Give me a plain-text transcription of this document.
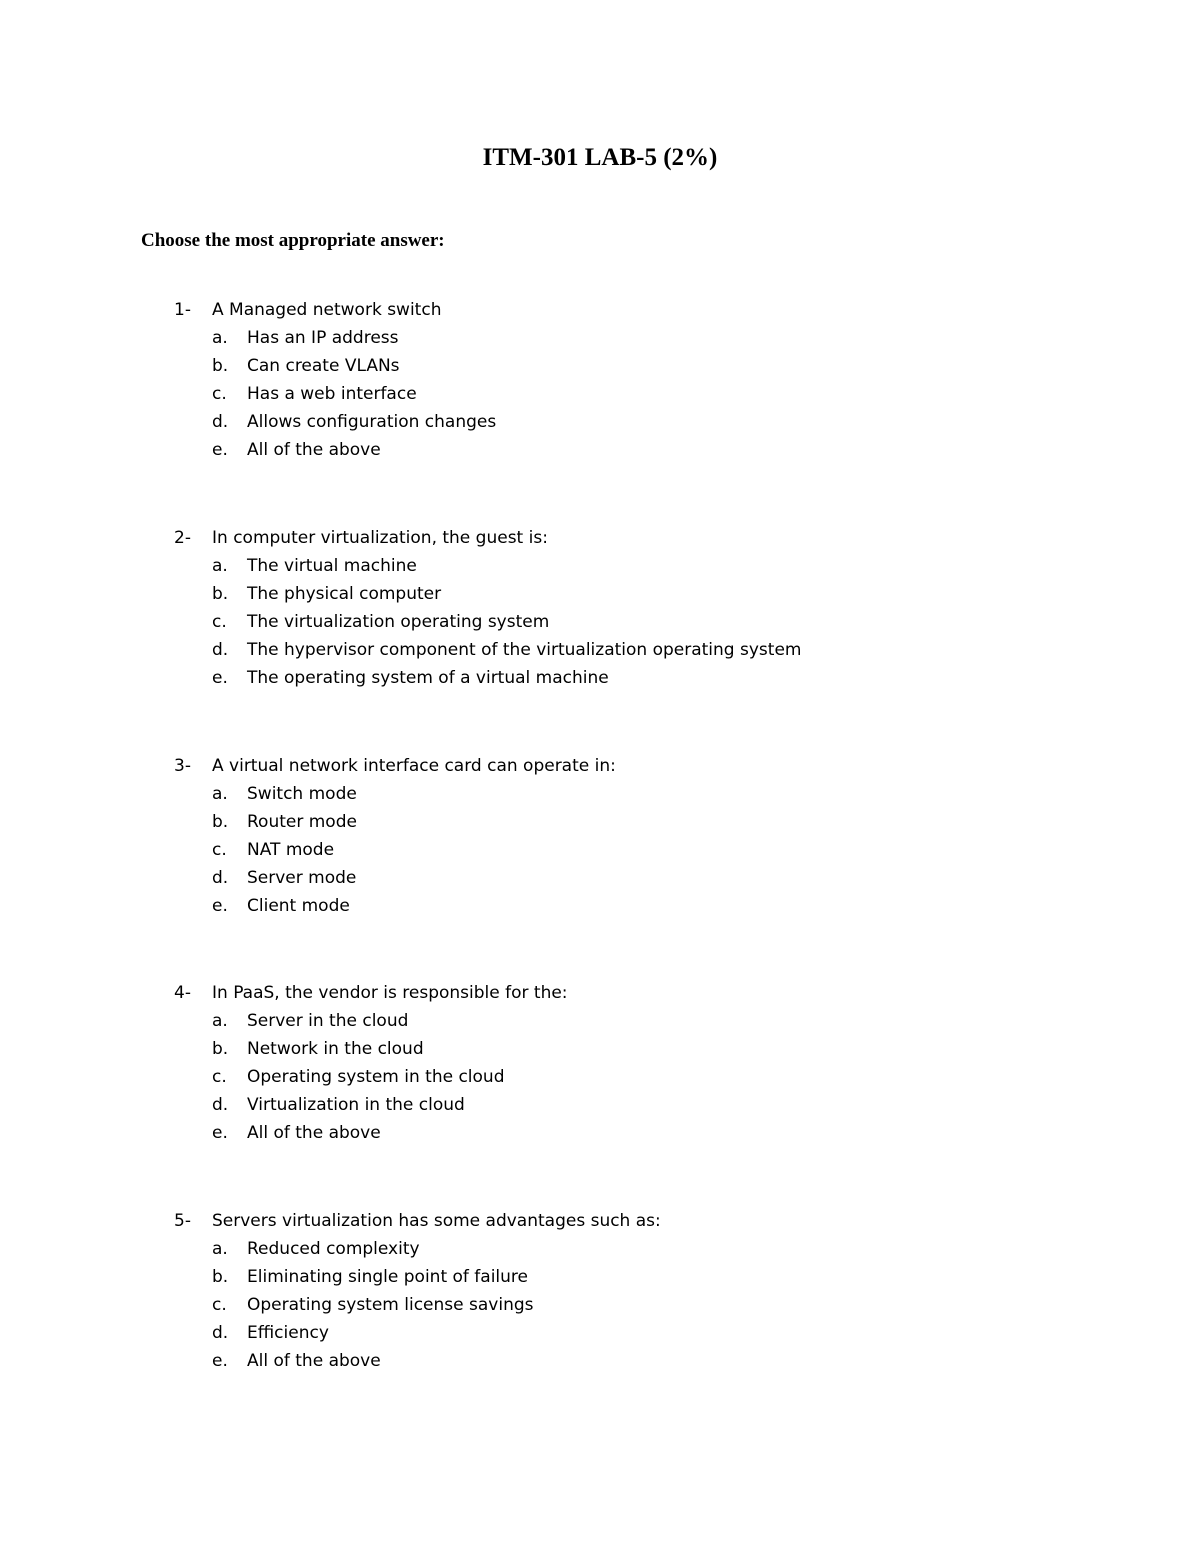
ITM-301 LAB-5 (2%)

Choose the most appropriate answer:

1- A Managed network switch
a. Has an IP address
b. Can create VLANs
c. Has a web interface
d. Allows configuration changes
e. All of the above
2- In computer virtualization, the guest is:
a. The virtual machine
b. The physical computer
c. The virtualization operating system
d. The hypervisor component of the virtualization operating system
e. The operating system of a virtual machine
3- A virtual network interface card can operate in:
a. Switch mode
b. Router mode
c. NAT mode
d. Server mode
e. Client mode
4- In PaaS, the vendor is responsible for the:
a. Server in the cloud
b. Network in the cloud
c. Operating system in the cloud
d. Virtualization in the cloud
e. All of the above
5- Servers virtualization has some advantages such as:
a. Reduced complexity
b. Eliminating single point of failure
c. Operating system license savings
d. Efficiency
e. All of the above
